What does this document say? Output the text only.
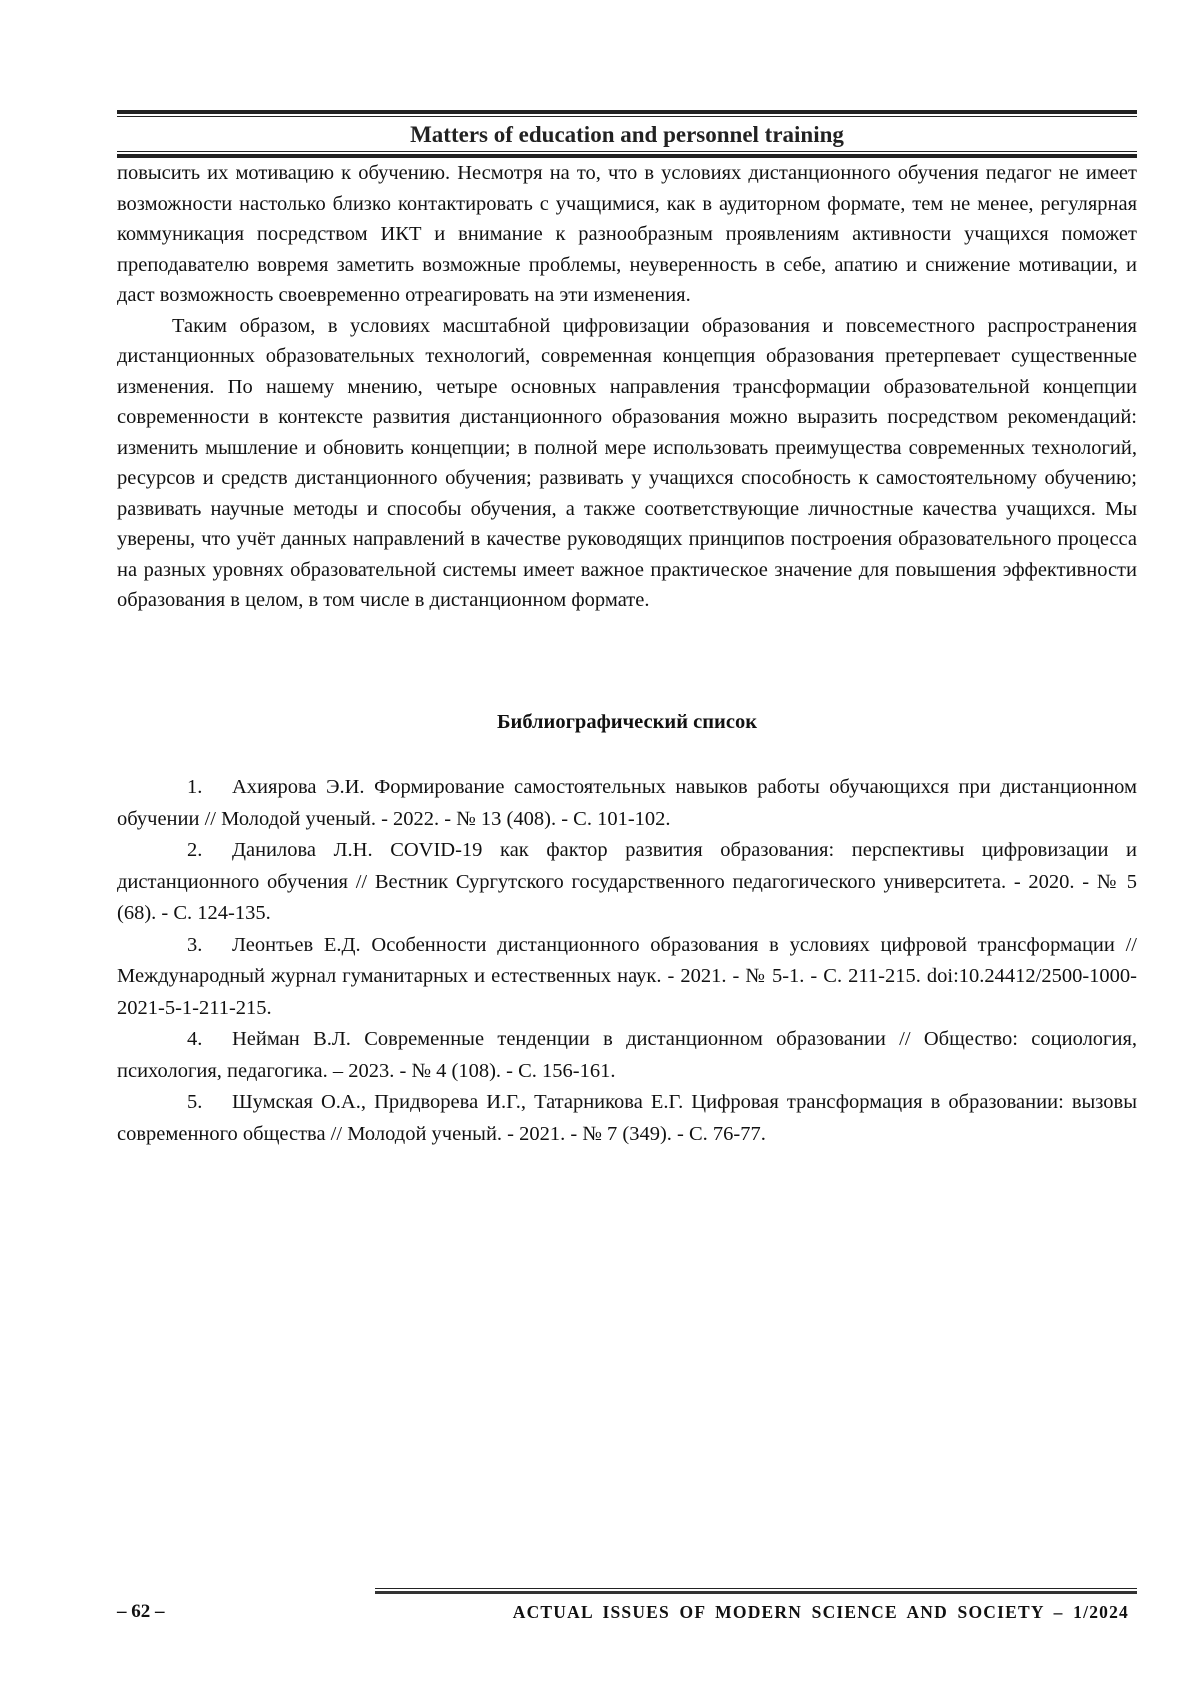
Matters of education and personnel training

повысить их мотивацию к обучению. Несмотря на то, что в условиях дистанционного обучения педагог не имеет возможности настолько близко контактировать с учащимися, как в аудиторном формате, тем не менее, регулярная коммуникация посредством ИКТ и внимание к разнообразным проявлениям активности учащихся поможет преподавателю вовремя заметить возможные проблемы, неуверенность в себе, апатию и снижение мотивации, и даст возможность своевременно отреагировать на эти изменения.

Таким образом, в условиях масштабной цифровизации образования и повсеместного распространения дистанционных образовательных технологий, современная концепция образования претерпевает существенные изменения. По нашему мнению, четыре основных направления трансформации образовательной концепции современности в контексте развития дистанционного образования можно выразить посредством рекомендаций: изменить мышление и обновить концепции; в полной мере использовать преимущества современных технологий, ресурсов и средств дистанционного обучения; развивать у учащихся способность к самостоятельному обучению; развивать научные методы и способы обучения, а также соответствующие личностные качества учащихся. Мы уверены, что учёт данных направлений в качестве руководящих принципов построения образовательного процесса на разных уровнях образовательной системы имеет важное практическое значение для повышения эффективности образования в целом, в том числе в дистанционном формате.

Библиографический список
1. Ахиярова Э.И. Формирование самостоятельных навыков работы обучающихся при дистанционном обучении // Молодой ученый. - 2022. - № 13 (408). - С. 101-102.
2. Данилова Л.Н. COVID-19 как фактор развития образования: перспективы цифровизации и дистанционного обучения // Вестник Сургутского государственного педагогического университета. - 2020. - № 5 (68). - С. 124-135.
3. Леонтьев Е.Д. Особенности дистанционного образования в условиях цифровой трансформации // Международный журнал гуманитарных и естественных наук. - 2021. - № 5-1. - С. 211-215. doi:10.24412/2500-1000-2021-5-1-211-215.
4. Нейман В.Л. Современные тенденции в дистанционном образовании // Общество: социология, психология, педагогика. – 2023. - № 4 (108). - С. 156-161.
5. Шумская О.А., Придворева И.Г., Татарникова Е.Г. Цифровая трансформация в образовании: вызовы современного общества // Молодой ученый. - 2021. - № 7 (349). - С. 76-77.
– 62 –	ACTUAL ISSUES OF MODERN SCIENCE AND SOCIETY – 1/2024
